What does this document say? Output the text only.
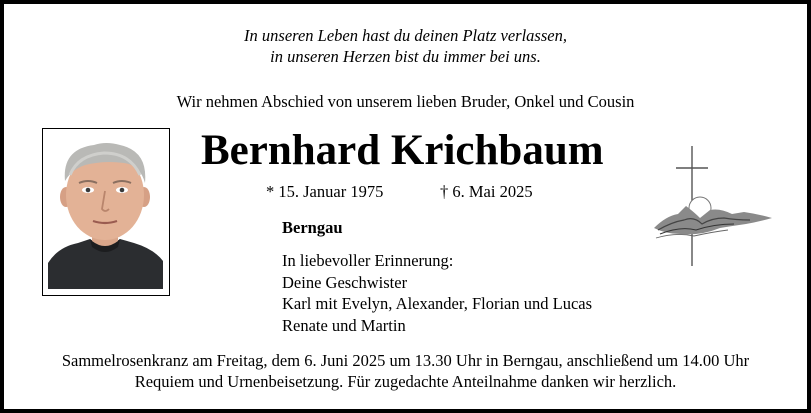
In unseren Leben hast du deinen Platz verlassen,
in unseren Herzen bist du immer bei uns.
Wir nehmen Abschied von unserem lieben Bruder, Onkel und Cousin
Bernhard Krichbaum
* 15. Januar 1975	† 6. Mai 2025
Berngau
In liebevoller Erinnerung:
Deine Geschwister
Karl mit Evelyn, Alexander, Florian und Lucas
Renate und Martin
Sammelrosenkranz am Freitag, dem 6. Juni 2025 um 13.30 Uhr in Berngau, anschließend um 14.00 Uhr
Requiem und Urnenbeisetzung. Für zugedachte Anteilnahme danken wir herzlich.
